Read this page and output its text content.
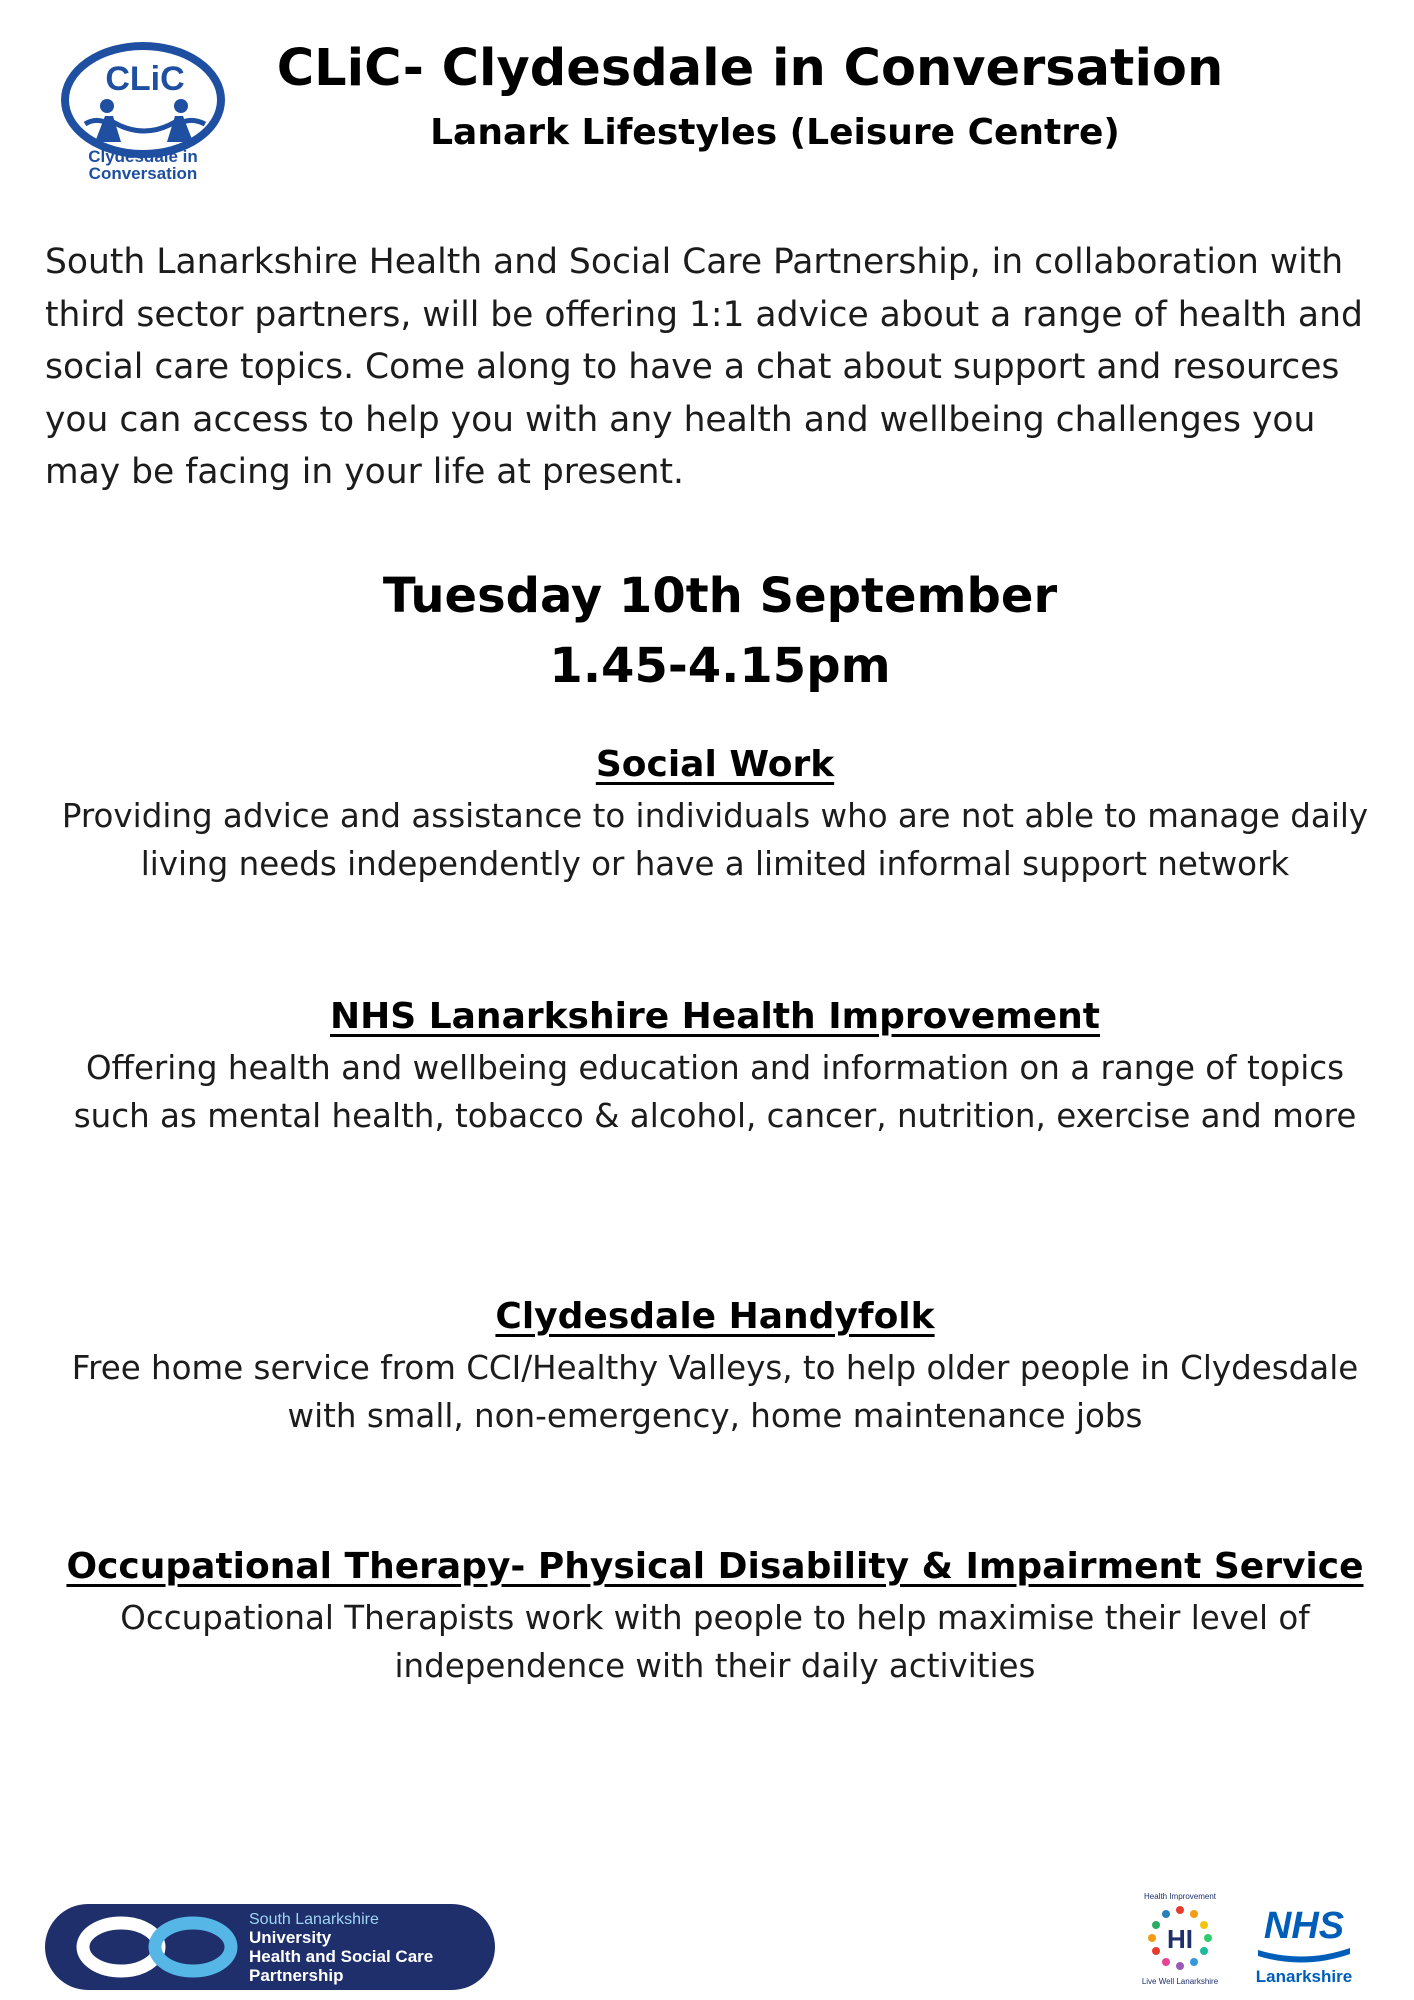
CLiC
Clydesdale in
Conversation
CLiC- Clydesdale in Conversation
Lanark Lifestyles (Leisure Centre)
South Lanarkshire Health and Social Care Partnership, in collaboration with third sector partners, will be offering 1:1 advice about a range of health and social care topics. Come along to have a chat about support and resources you can access to help you with any health and wellbeing challenges you may be facing in your life at present.
Tuesday 10th September
1.45-4.15pm
Social Work
Providing advice and assistance to individuals who are not able to manage daily living needs independently or have a limited informal support network
NHS Lanarkshire Health Improvement
Offering health and wellbeing education and information on a range of topics such as mental health, tobacco & alcohol, cancer, nutrition, exercise and more
Clydesdale Handyfolk
Free home service from CCI/Healthy Valleys, to help older people in Clydesdale with small, non-emergency, home maintenance jobs
Occupational Therapy- Physical Disability & Impairment Service
Occupational Therapists work with people to help maximise their level of independence with their daily activities
South Lanarkshire
University
Health and Social Care
Partnership
HI
Health Improvement
Live Well Lanarkshire
NHS
Lanarkshire
